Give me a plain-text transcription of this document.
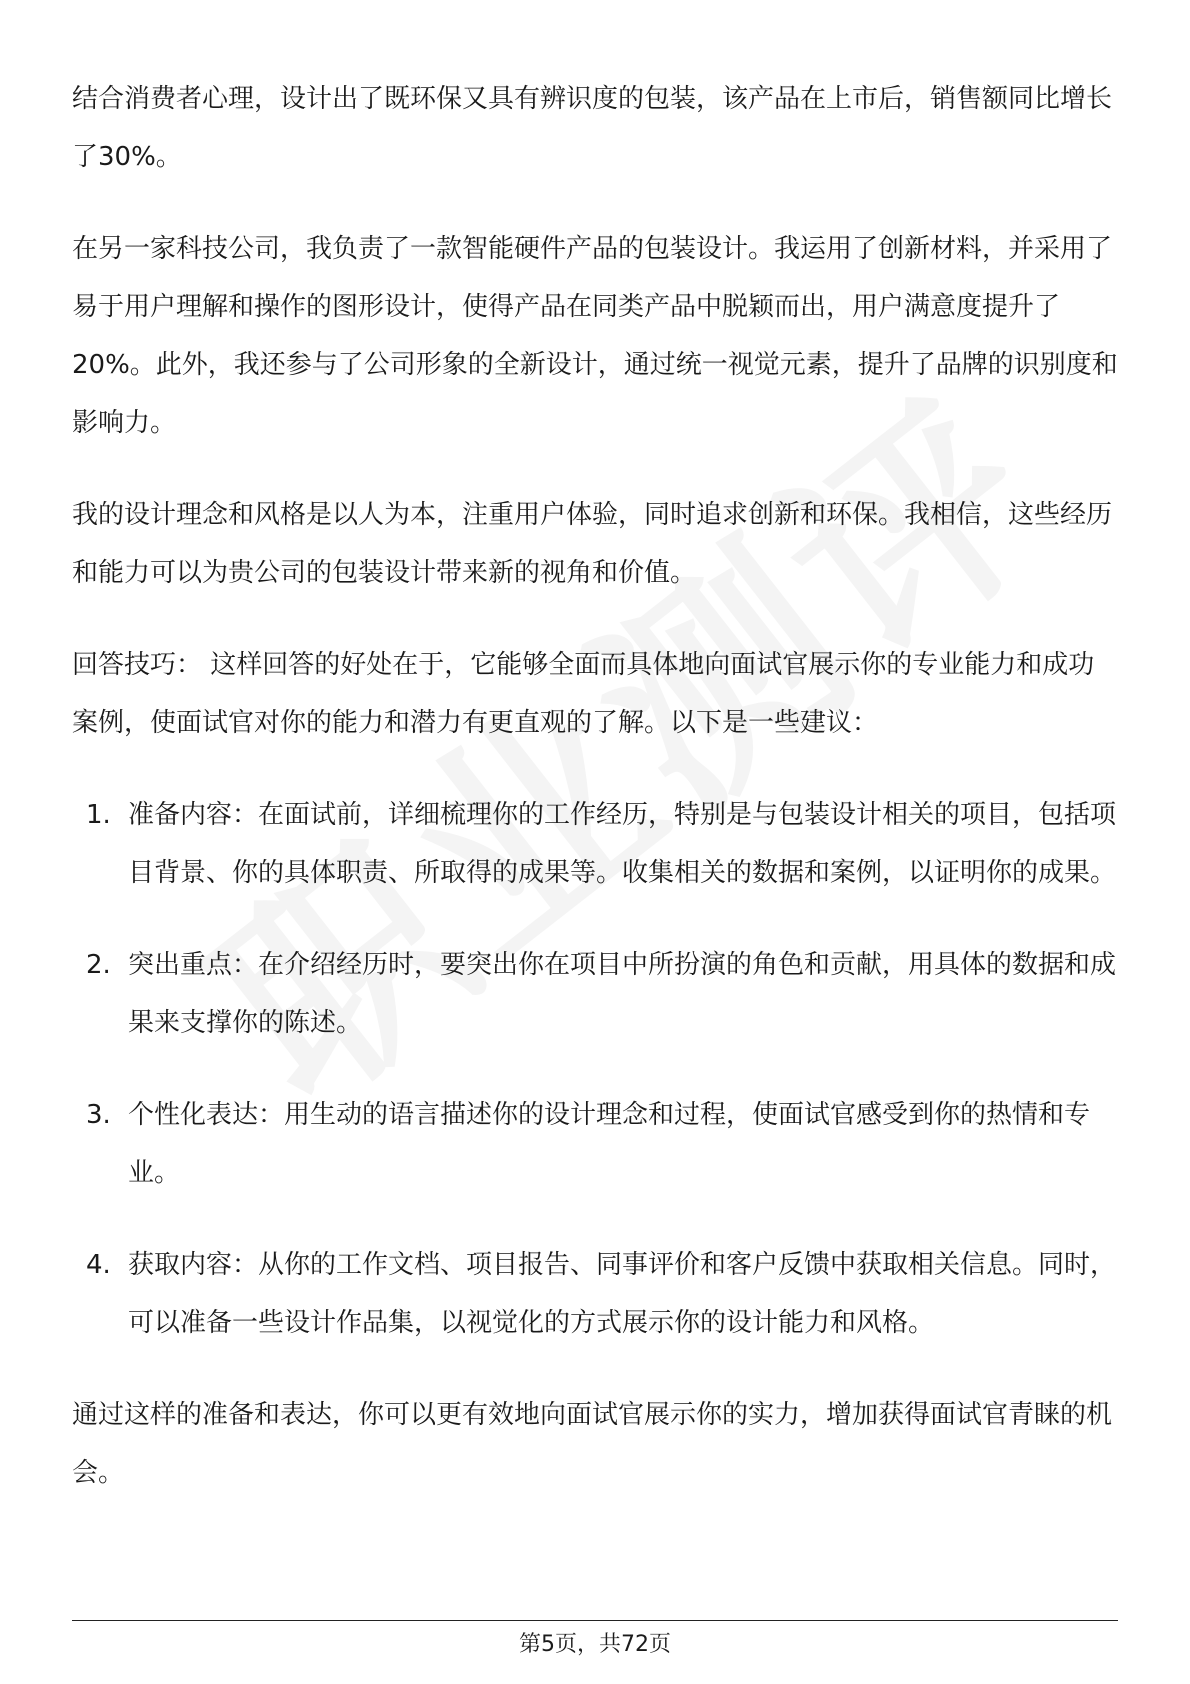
结合消费者心理，设计出了既环保又具有辨识度的包装，该产品在上市后，销售额同比增长了30%。

在另一家科技公司，我负责了一款智能硬件产品的包装设计。我运用了创新材料，并采用了易于用户理解和操作的图形设计，使得产品在同类产品中脱颖而出，用户满意度提升了20%。此外，我还参与了公司形象的全新设计，通过统一视觉元素，提升了品牌的识别度和影响力。

我的设计理念和风格是以人为本，注重用户体验，同时追求创新和环保。我相信，这些经历和能力可以为贵公司的包装设计带来新的视角和价值。

回答技巧： 这样回答的好处在于，它能够全面而具体地向面试官展示你的专业能力和成功案例，使面试官对你的能力和潜力有更直观的了解。以下是一些建议：

1. 准备内容：在面试前，详细梳理你的工作经历，特别是与包装设计相关的项目，包括项目背景、你的具体职责、所取得的成果等。收集相关的数据和案例，以证明你的成果。
2. 突出重点：在介绍经历时，要突出你在项目中所扮演的角色和贡献，用具体的数据和成果来支撑你的陈述。
3. 个性化表达：用生动的语言描述你的设计理念和过程，使面试官感受到你的热情和专业。
4. 获取内容：从你的工作文档、项目报告、同事评价和客户反馈中获取相关信息。同时，可以准备一些设计作品集，以视觉化的方式展示你的设计能力和风格。

通过这样的准备和表达，你可以更有效地向面试官展示你的实力，增加获得面试官青睐的机会。

第5页，共72页
